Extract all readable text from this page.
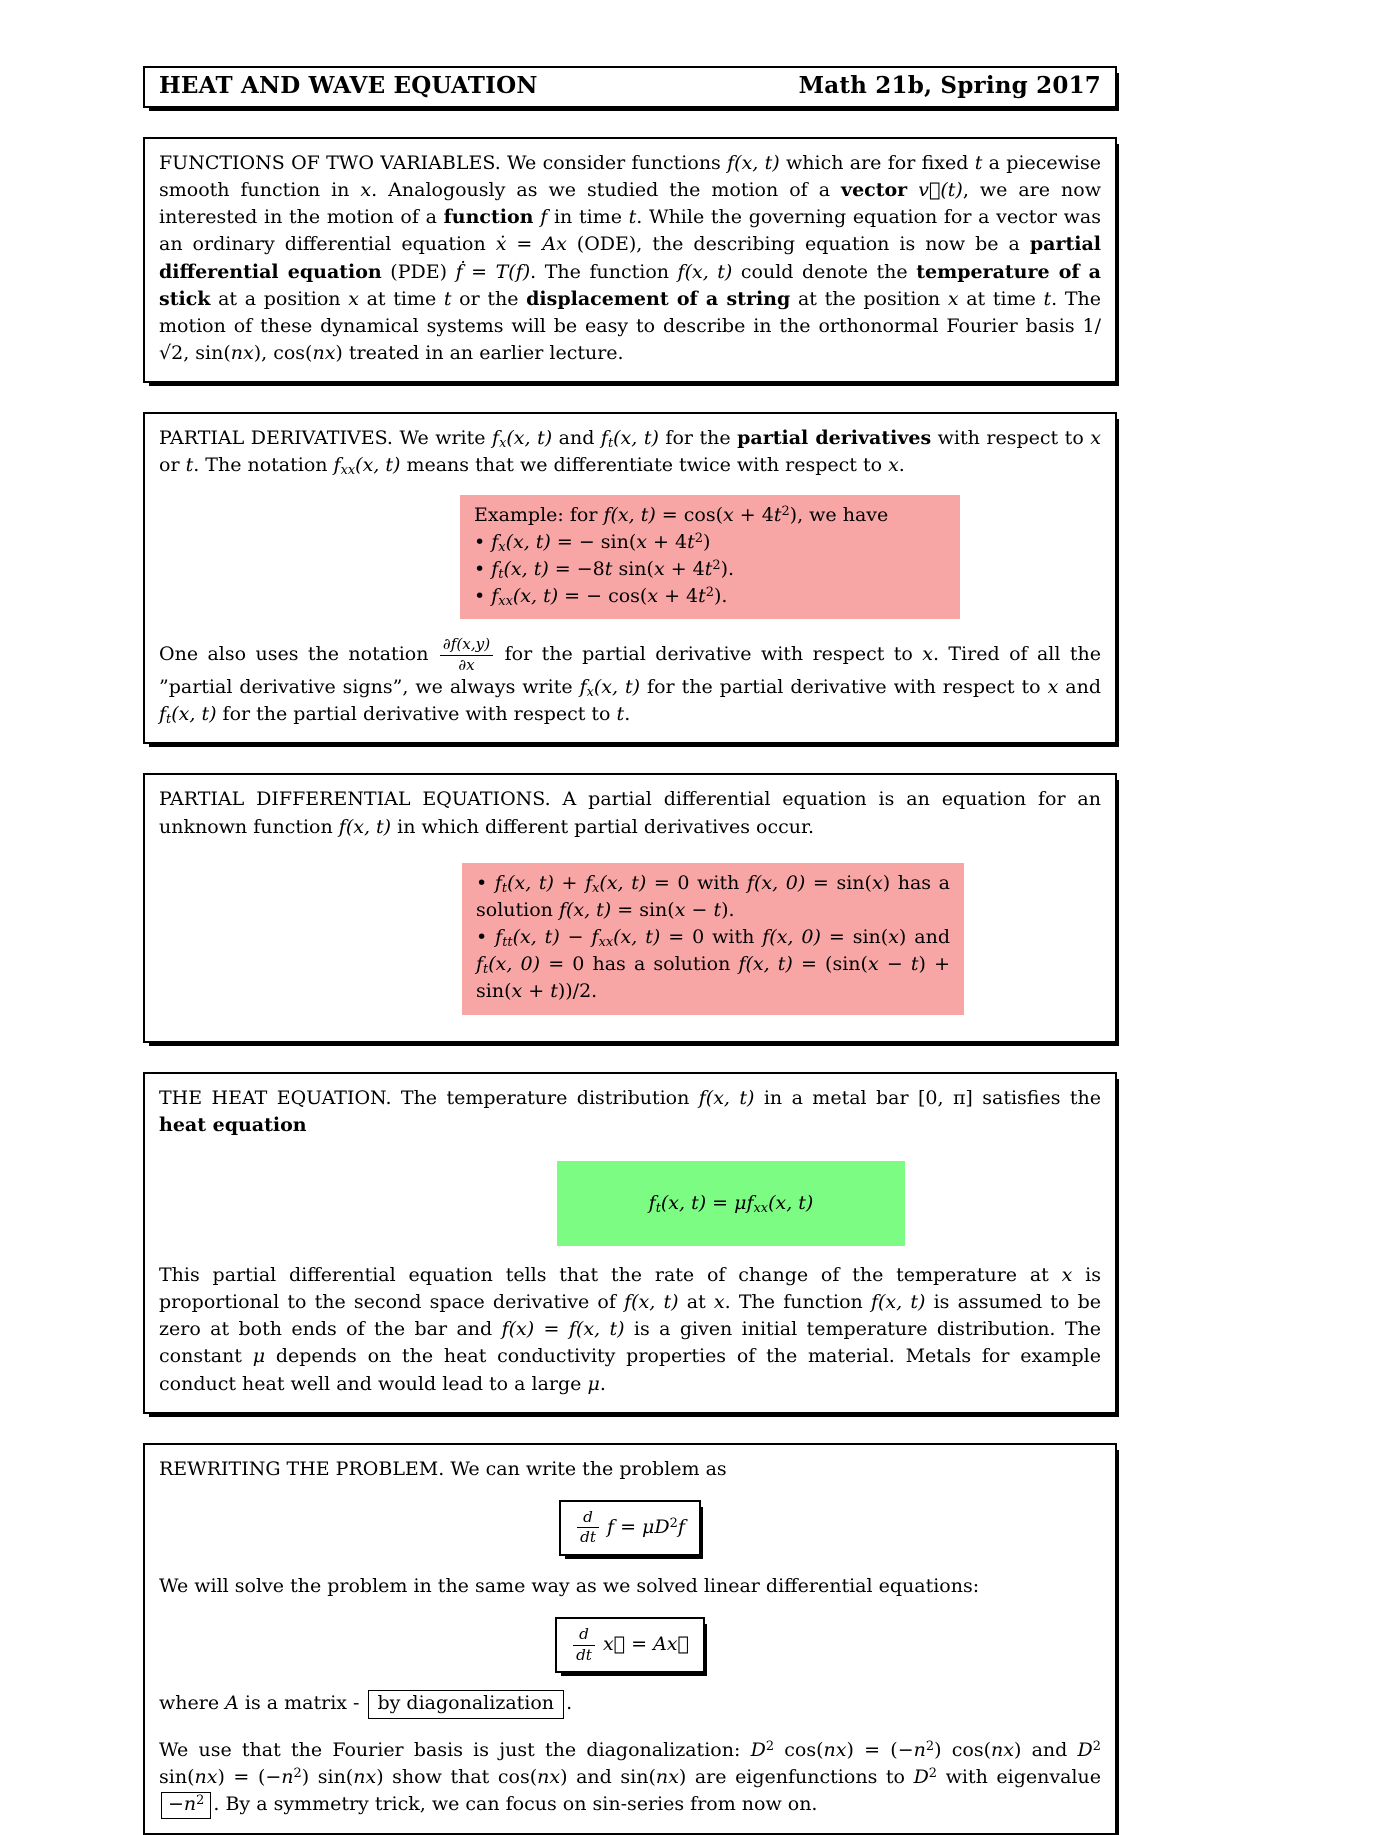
HEAT AND WAVE EQUATION	Math 21b, Spring 2017

FUNCTIONS OF TWO VARIABLES. We consider functions f(x, t) which are for fixed t a piecewise smooth function in x. Analogously as we studied the motion of a vector v⃗(t), we are now interested in the motion of a function f in time t. While the governing equation for a vector was an ordinary differential equation ẋ = Ax (ODE), the describing equation is now be a partial differential equation (PDE) ḟ = T(f). The function f(x, t) could denote the temperature of a stick at a position x at time t or the displacement of a string at the position x at time t. The motion of these dynamical systems will be easy to describe in the orthonormal Fourier basis 1/√2, sin(nx), cos(nx) treated in an earlier lecture.

PARTIAL DERIVATIVES. We write $f_x(x$, t) and $f_t(x$, t) for the partial derivatives with respect to x or t. The notation $f_{xx}(x$, t) means that we differentiate twice with respect to x.

Example: for f(x, $t) = \cos(x + 4t^2)$, we have
• $f_x(x$, t) = − $\sin(x + 4t^2)$
• $f_t(x$, t) = −8t $\sin(x + 4t^2)$.
• $f_{xx}(x$, t) = − $\cos(x + 4t^2)$.

One also uses the notation $\frac{\partial f(x,y)}{\partial x}$ for the partial derivative with respect to x. Tired of all the ”partial derivative signs”, we always write $f_x(x$, t) for the partial derivative with respect to x and $f_t(x$, t) for the partial derivative with respect to t.

PARTIAL DIFFERENTIAL EQUATIONS. A partial differential equation is an equation for an unknown function f(x, t) in which different partial derivatives occur.

• $f_t(x$, $t) + f_x(x$, t) = 0 with f(x, 0) = sin(x) has a solution f(x, t) = sin(x − t).
• $f_{tt}(x$, $t) - f_{xx}(x$, t) = 0 with f(x, 0) = sin(x) and $f_t(x$, 0) = 0 has a solution f(x, t) = (sin(x − t) + sin(x + t))/2.

THE HEAT EQUATION. The temperature distribution f(x, t) in a metal bar [0, π] satisfies the heat equation

$f_t(x$, $t) = \mu f_{xx}(x$, t)

This partial differential equation tells that the rate of change of the temperature at x is proportional to the second space derivative of f(x, t) at x. The function f(x, t) is assumed to be zero at both ends of the bar and f(x) = f(x, t) is a given initial temperature distribution. The constant μ depends on the heat conductivity properties of the material. Metals for example conduct heat well and would lead to a large μ.

REWRITING THE PROBLEM. We can write the problem as

$\frac{d}{dt}$ $f = \mu D^2f$

We will solve the problem in the same way as we solved linear differential equations:

$\frac{d}{dt}$ x⃗ = Ax⃗

where A is a matrix - by diagonalization .

We use that the Fourier basis is just the diagonalization: $D^2$ $\cos(nx) = (-n^2)$ cos(nx) and $D^2$ $\sin(nx) = (-n^2)$ sin(nx) show that cos(nx) and sin(nx) are eigenfunctions to $D^2$ with eigenvalue $-n^2$ . By a symmetry trick, we can focus on sin-series from now on.
